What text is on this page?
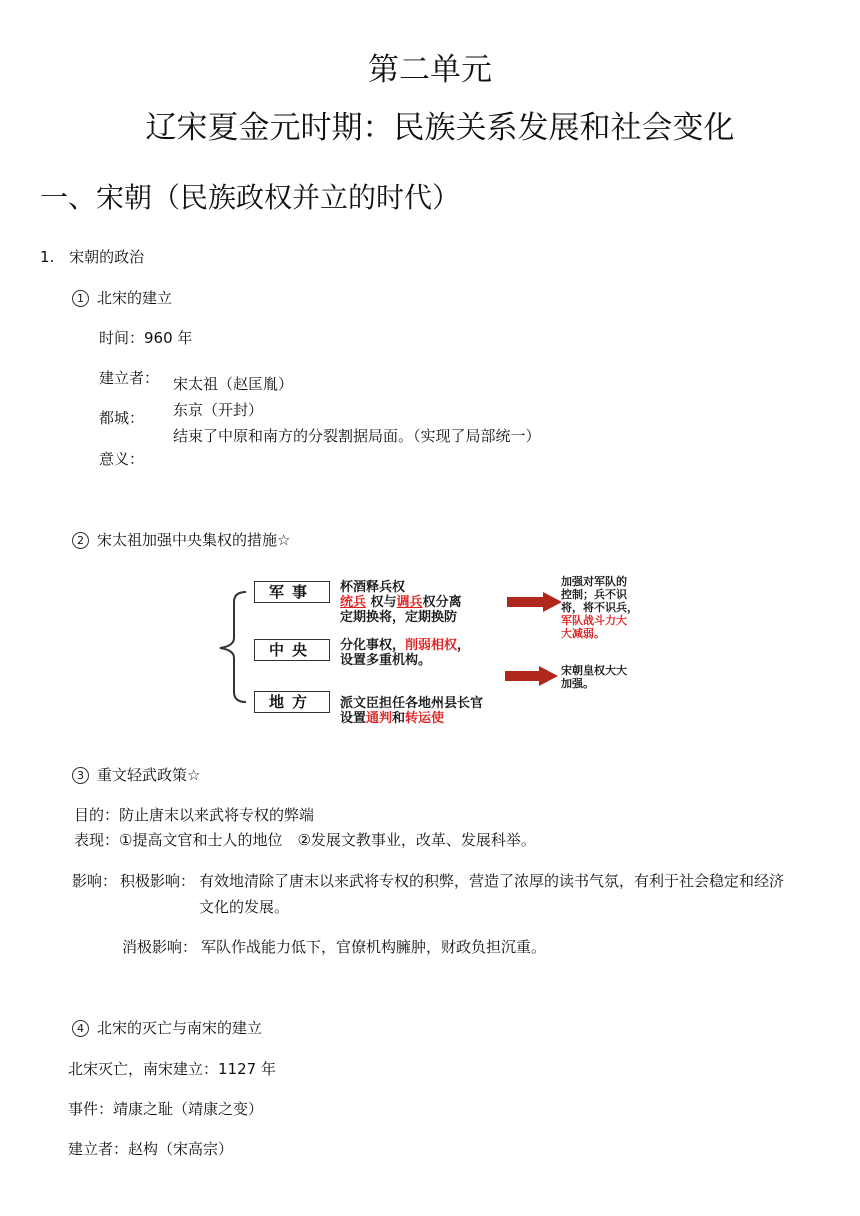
第二单元
辽宋夏金元时期：民族关系发展和社会变化
一、宋朝（民族政权并立的时代）
1. 宋朝的政治
1 北宋的建立
时间：960 年
建立者：
都城：
意义：
宋太祖（赵匡胤）
东京（开封）
结束了中原和南方的分裂割据局面。（实现了局部统一）
2 宋太祖加强中央集权的措施☆
军事
中央
地方
杯酒释兵权
统兵 权与调兵权分离
定期换将，定期换防
分化事权，削弱相权，
设置多重机构。
派文臣担任各地州县长官
设置通判和转运使
加强对军队的
控制；兵不识
将，将不识兵，
军队战斗力大
大减弱。
宋朝皇权大大
加强。
3 重文轻武政策☆
目的：防止唐末以来武将专权的弊端
表现：①提高文官和士人的地位　②发展文教事业，改革、发展科举。
影响： 积极影响： 有效地清除了唐末以来武将专权的积弊，营造了浓厚的读书气氛，有利于社会稳定和经济
文化的发展。
消极影响： 军队作战能力低下，官僚机构臃肿，财政负担沉重。
4 北宋的灭亡与南宋的建立
北宋灭亡，南宋建立：1127 年
事件：靖康之耻（靖康之变）
建立者：赵构（宋高宗）
